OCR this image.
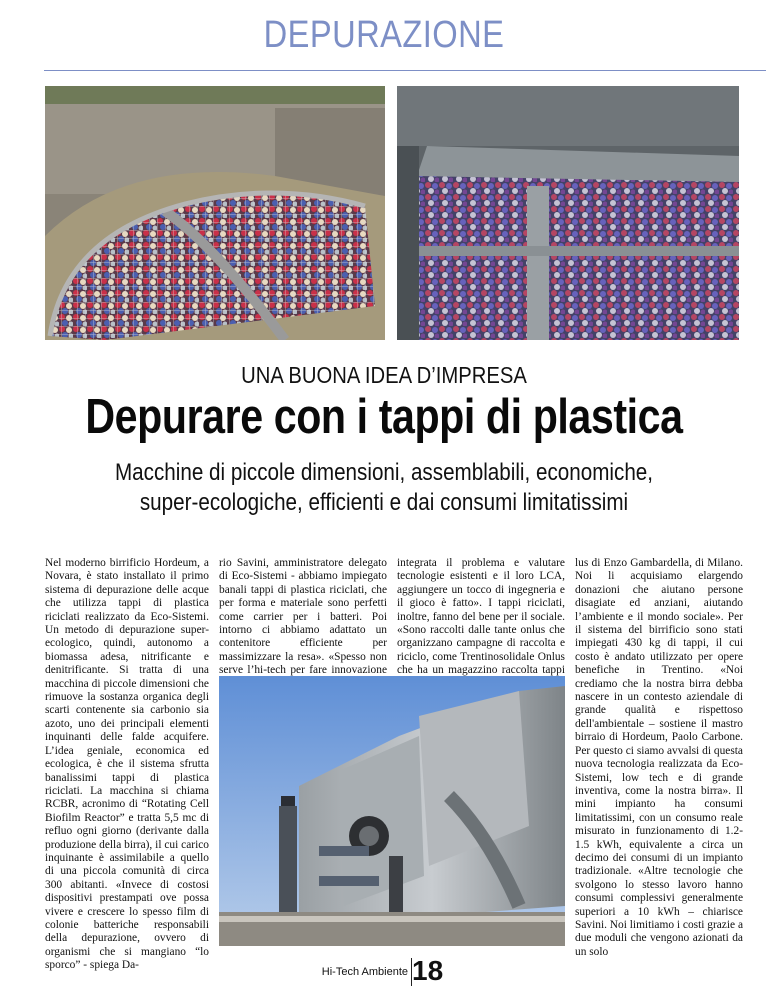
DEPURAZIONE
UNA BUONA IDEA D’IMPRESA
Depurare con i tappi di plastica
Macchine di piccole dimensioni, assemblabili, economiche, super-ecologiche, efficienti e dai consumi limitatissimi

Nel moderno birrificio Hordeum, a Novara, è stato installato il primo sistema di depurazione delle acque che utilizza tappi di plastica riciclati realizzato da Eco-Sistemi. Un metodo di depurazione super-ecologico, quindi, autonomo a biomassa adesa, nitrificante e denitrificante. Si tratta di una macchina di piccole dimensioni che rimuove la sostanza organica degli scarti contenente sia carbonio sia azoto, uno dei principali elementi inquinanti delle falde acquifere. L’idea geniale, economica ed ecologica, è che il sistema sfrutta banalissimi tappi di plastica riciclati. La macchina si chiama RCBR, acronimo di “Rotating Cell Biofilm Reactor” e tratta 5,5 mc di refluo ogni giorno (derivante dalla produzione della birra), il cui carico inquinante è assimilabile a quello di una piccola comunità di circa 300 abitanti. «Invece di costosi dispositivi prestampati ove possa vivere e crescere lo spesso film di colonie batteriche responsabili della depurazione, ovvero di organismi che si mangiano “lo sporco” - spiega Da-

rio Savini, amministratore delegato di Eco-Sistemi - abbiamo impiegato banali tappi di plastica riciclati, che per forma e materiale sono perfetti come carrier per i batteri. Poi intorno ci abbiamo adattato un contenitore efficiente per massimizzare la resa». «Spesso non serve l’hi-tech per fare innovazione

integrata il problema e valutare tecnologie esistenti e il loro LCA, aggiungere un tocco di ingegneria e il gioco è fatto». I tappi riciclati, inoltre, fanno del bene per il sociale. «Sono raccolti dalle tante onlus che organizzano campagne di raccolta e riciclo, come Trentinosolidale Onlus che ha un magazzino raccolta tappi

lus di Enzo Gambardella, di Milano. Noi li acquisiamo elargendo donazioni che aiutano persone disagiate ed anziani, aiutando l’ambiente e il mondo sociale». Per il sistema del birrificio sono stati impiegati 430 kg di tappi, il cui costo è andato utilizzato per opere benefiche in Trentino. «Noi crediamo che la nostra birra debba nascere in un contesto aziendale di grande qualità e rispettoso dell'ambientale – sostiene il mastro birraio di Hordeum, Paolo Carbone. Per questo ci siamo avvalsi di questa nuova tecnologia realizzata da Eco-Sistemi, low tech e di grande inventiva, come la nostra birra». Il mini impianto ha consumi limitatissimi, con un consumo reale misurato in funzionamento di 1.2-1.5 kWh, equivalente a circa un decimo dei consumi di un impianto tradizionale. «Altre tecnologie che svolgono lo stesso lavoro hanno consumi complessivi generalmente superiori a 10 kWh – chiarisce Savini. Noi limitiamo i costi grazie a due moduli che vengono azionati da un solo

Hi-Tech Ambiente 18
